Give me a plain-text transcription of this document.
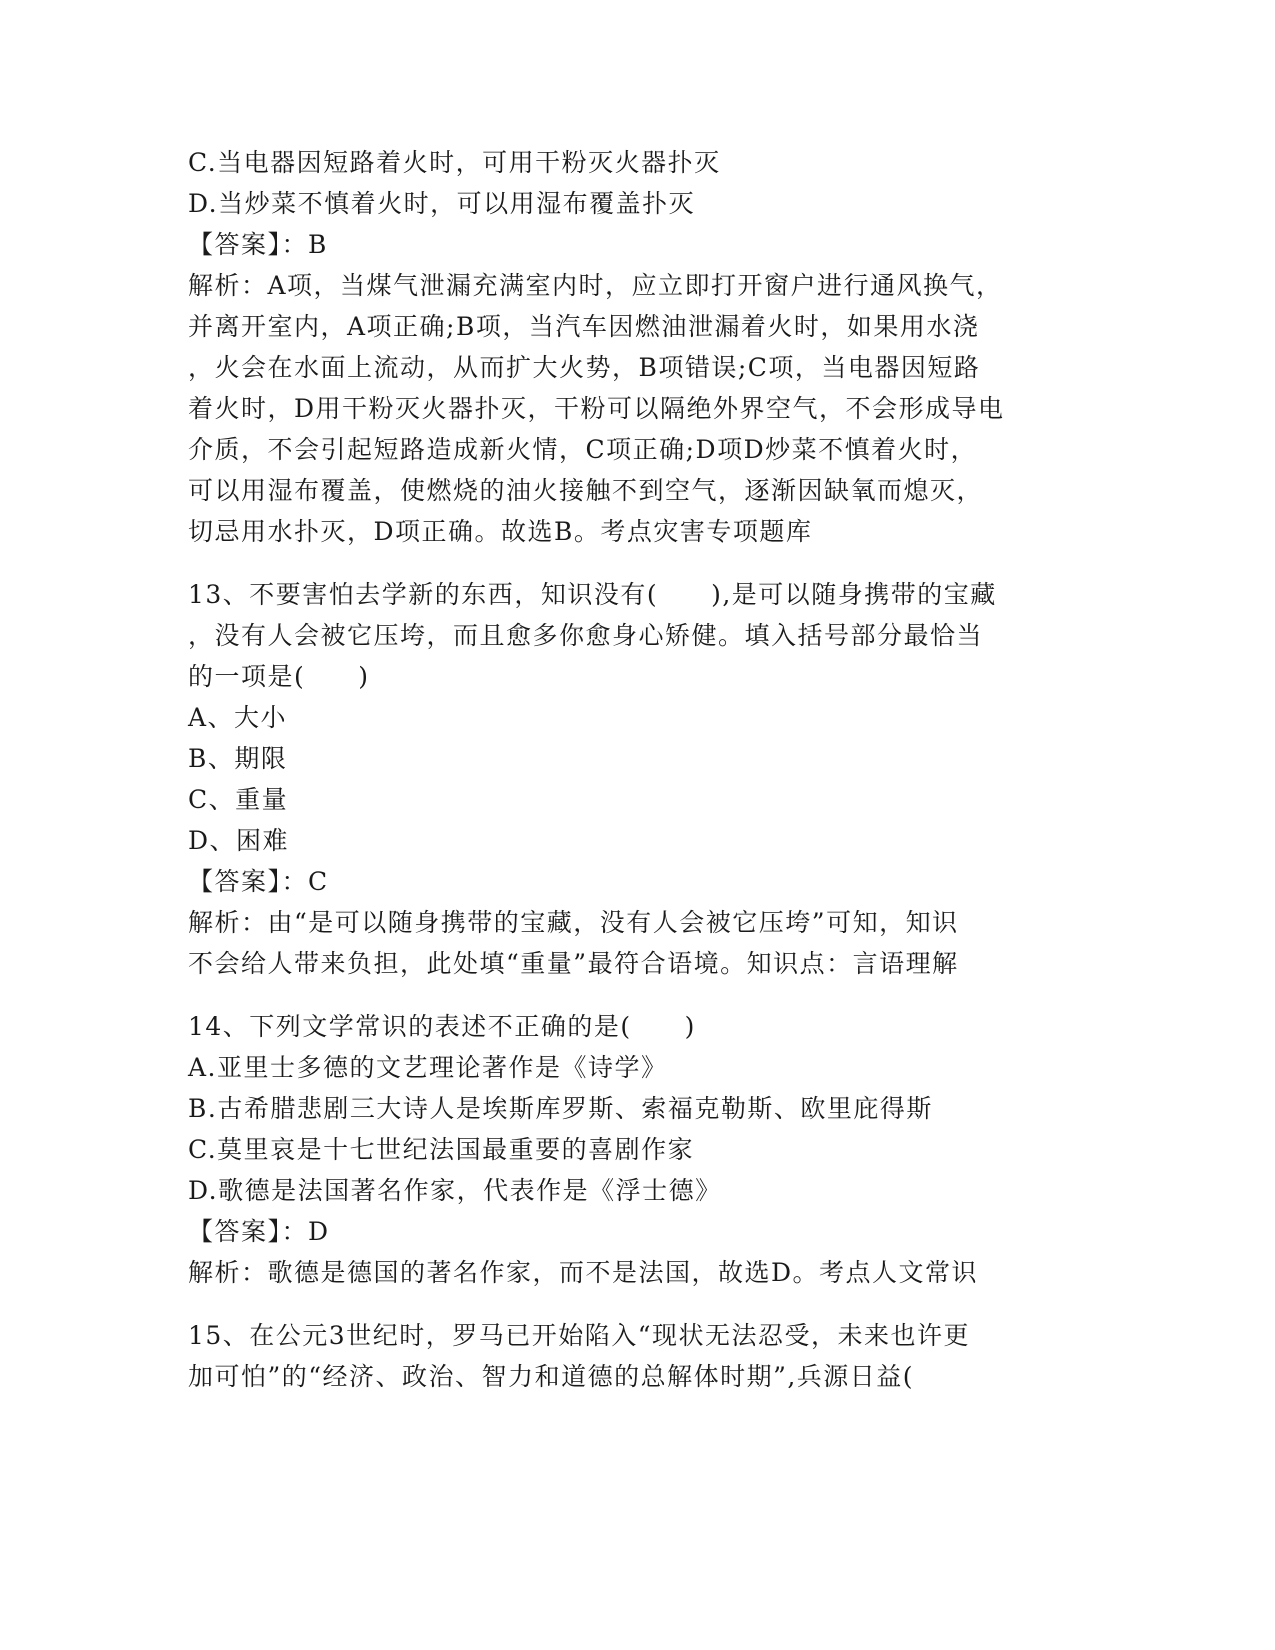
C.当电器因短路着火时，可用干粉灭火器扑灭
D.当炒菜不慎着火时，可以用湿布覆盖扑灭
【答案】：B
解析：A项，当煤气泄漏充满室内时，应立即打开窗户进行通风换气，
并离开室内，A项正确;B项，当汽车因燃油泄漏着火时，如果用水浇
，火会在水面上流动，从而扩大火势，B项错误;C项，当电器因短路
着火时，D用干粉灭火器扑灭，干粉可以隔绝外界空气，不会形成导电
介质，不会引起短路造成新火情，C项正确;D项D炒菜不慎着火时，
可以用湿布覆盖，使燃烧的油火接触不到空气，逐渐因缺氧而熄灭，
切忌用水扑灭，D项正确。故选B。考点灾害专项题库
13、不要害怕去学新的东西，知识没有(　　),是可以随身携带的宝藏
，没有人会被它压垮，而且愈多你愈身心矫健。填入括号部分最恰当
的一项是(　　)
A、大小
B、期限
C、重量
D、困难
【答案】：C
解析：由“是可以随身携带的宝藏，没有人会被它压垮”可知，知识
不会给人带来负担，此处填“重量”最符合语境。知识点：言语理解
14、下列文学常识的表述不正确的是(　　)
A.亚里士多德的文艺理论著作是《诗学》
B.古希腊悲剧三大诗人是埃斯库罗斯、索福克勒斯、欧里庇得斯
C.莫里哀是十七世纪法国最重要的喜剧作家
D.歌德是法国著名作家，代表作是《浮士德》
【答案】：D
解析：歌德是德国的著名作家，而不是法国，故选D。考点人文常识
15、在公元3世纪时，罗马已开始陷入“现状无法忍受，未来也许更
加可怕”的“经济、政治、智力和道德的总解体时期”,兵源日益(
